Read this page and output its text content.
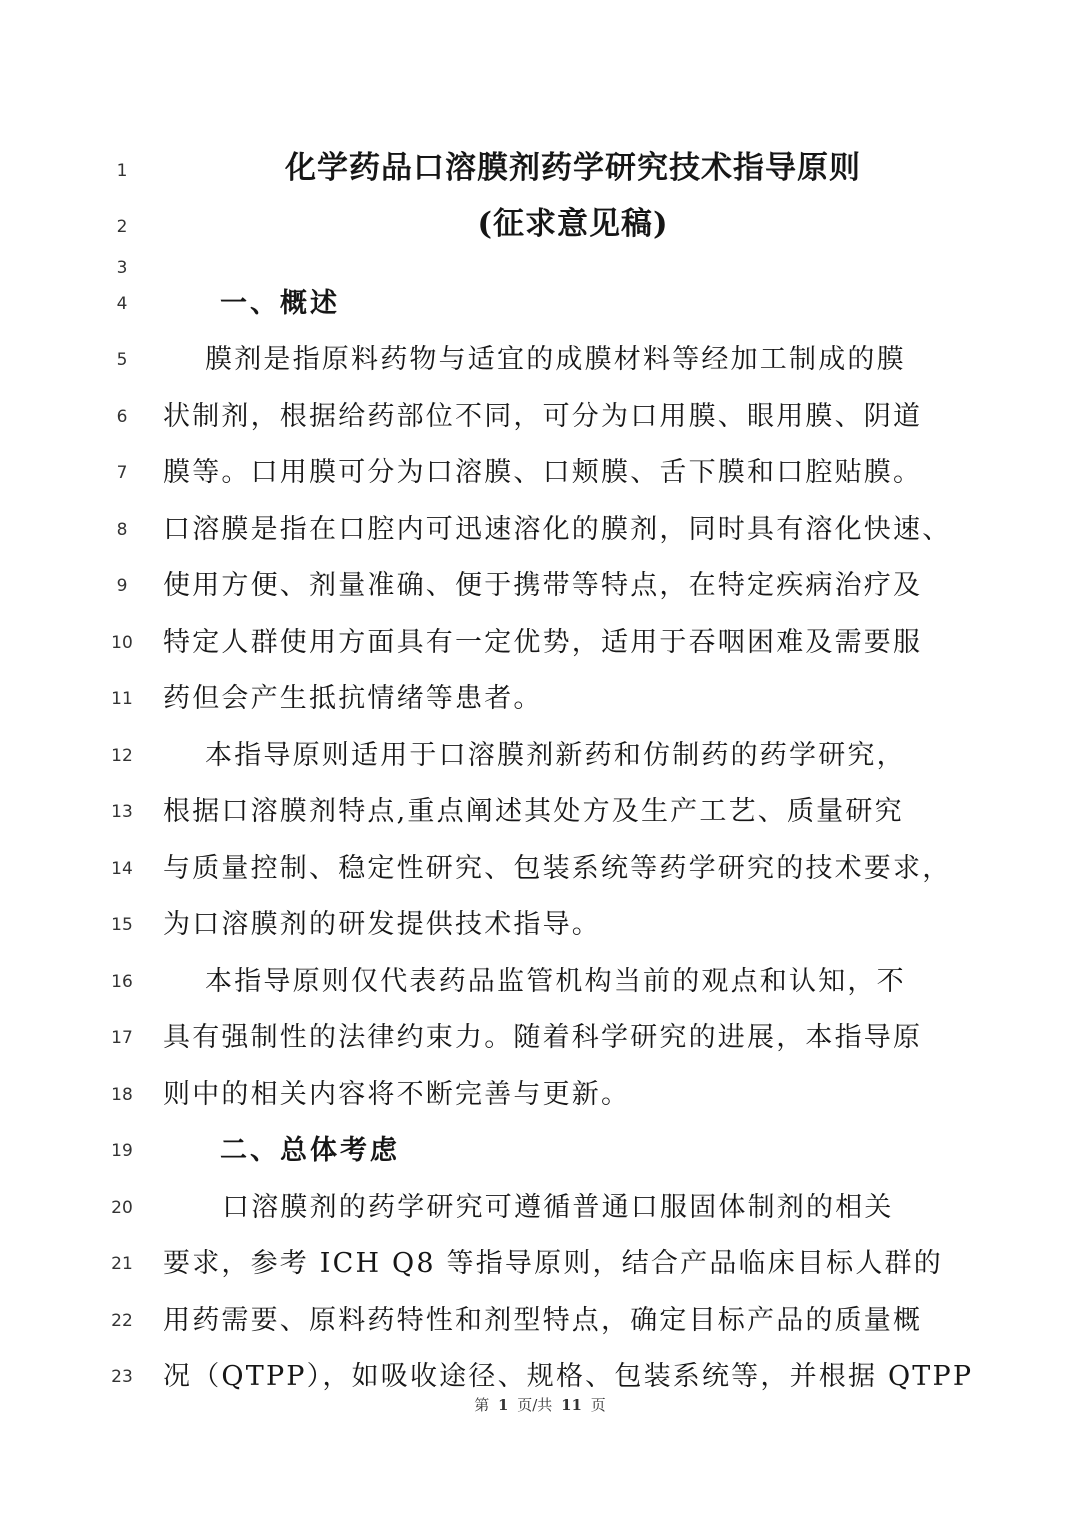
1	化学药品口溶膜剂药学研究技术指导原则
2	(征求意见稿)
3
4	一、概述
5	膜剂是指原料药物与适宜的成膜材料等经加工制成的膜
6	状制剂，根据给药部位不同，可分为口用膜、眼用膜、阴道
7	膜等。口用膜可分为口溶膜、口颊膜、舌下膜和口腔贴膜。
8	口溶膜是指在口腔内可迅速溶化的膜剂，同时具有溶化快速、
9	使用方便、剂量准确、便于携带等特点，在特定疾病治疗及
10	特定人群使用方面具有一定优势，适用于吞咽困难及需要服
11	药但会产生抵抗情绪等患者。
12	本指导原则适用于口溶膜剂新药和仿制药的药学研究，
13	根据口溶膜剂特点,重点阐述其处方及生产工艺、质量研究
14	与质量控制、稳定性研究、包装系统等药学研究的技术要求，
15	为口溶膜剂的研发提供技术指导。
16	本指导原则仅代表药品监管机构当前的观点和认知，不
17	具有强制性的法律约束力。随着科学研究的进展，本指导原
18	则中的相关内容将不断完善与更新。
19	二、总体考虑
20	口溶膜剂的药学研究可遵循普通口服固体制剂的相关
21	要求，参考 ICH Q8 等指导原则，结合产品临床目标人群的
22	用药需要、原料药特性和剂型特点，确定目标产品的质量概
23	况（QTPP），如吸收途径、规格、包装系统等，并根据 QTPP
第 1 页/共 11 页
